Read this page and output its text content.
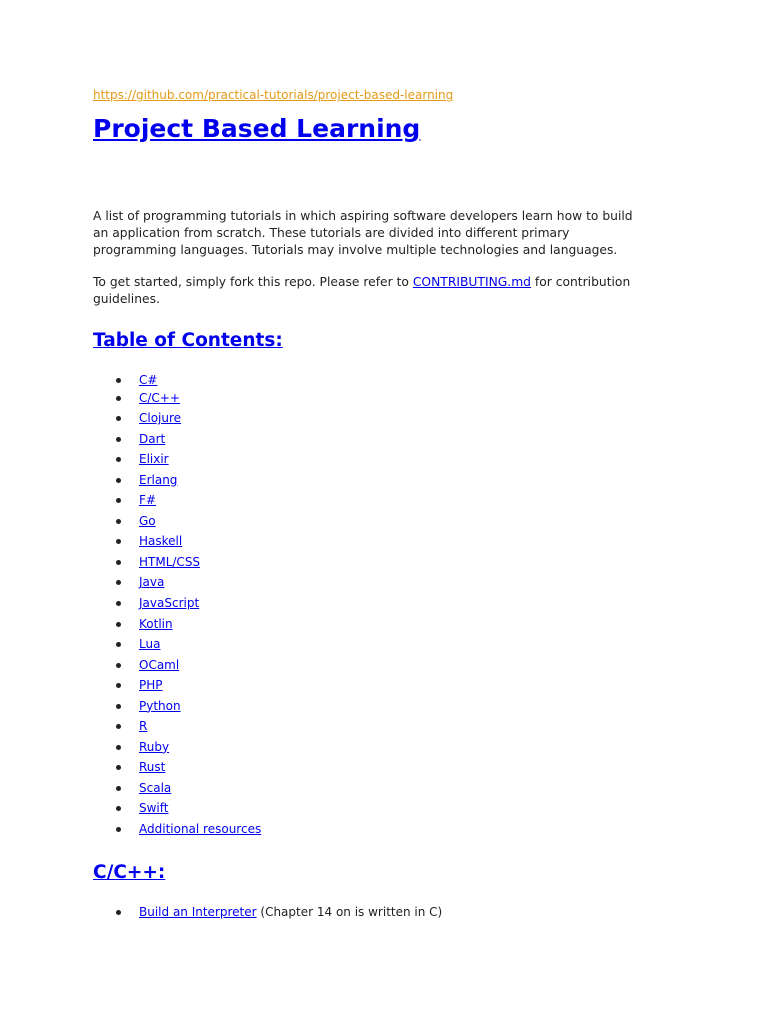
https://github.com/practical-tutorials/project-based-learning
Project Based Learning

A list of programming tutorials in which aspiring software developers learn how to build an application from scratch. These tutorials are divided into different primary programming languages. Tutorials may involve multiple technologies and languages.

To get started, simply fork this repo. Please refer to CONTRIBUTING.md for contribution guidelines.

Table of Contents:
C#
C/C++
Clojure
Dart
Elixir
Erlang
F#
Go
Haskell
HTML/CSS
Java
JavaScript
Kotlin
Lua
OCaml
PHP
Python
R
Ruby
Rust
Scala
Swift
Additional resources
C/C++:
Build an Interpreter (Chapter 14 on is written in C)
